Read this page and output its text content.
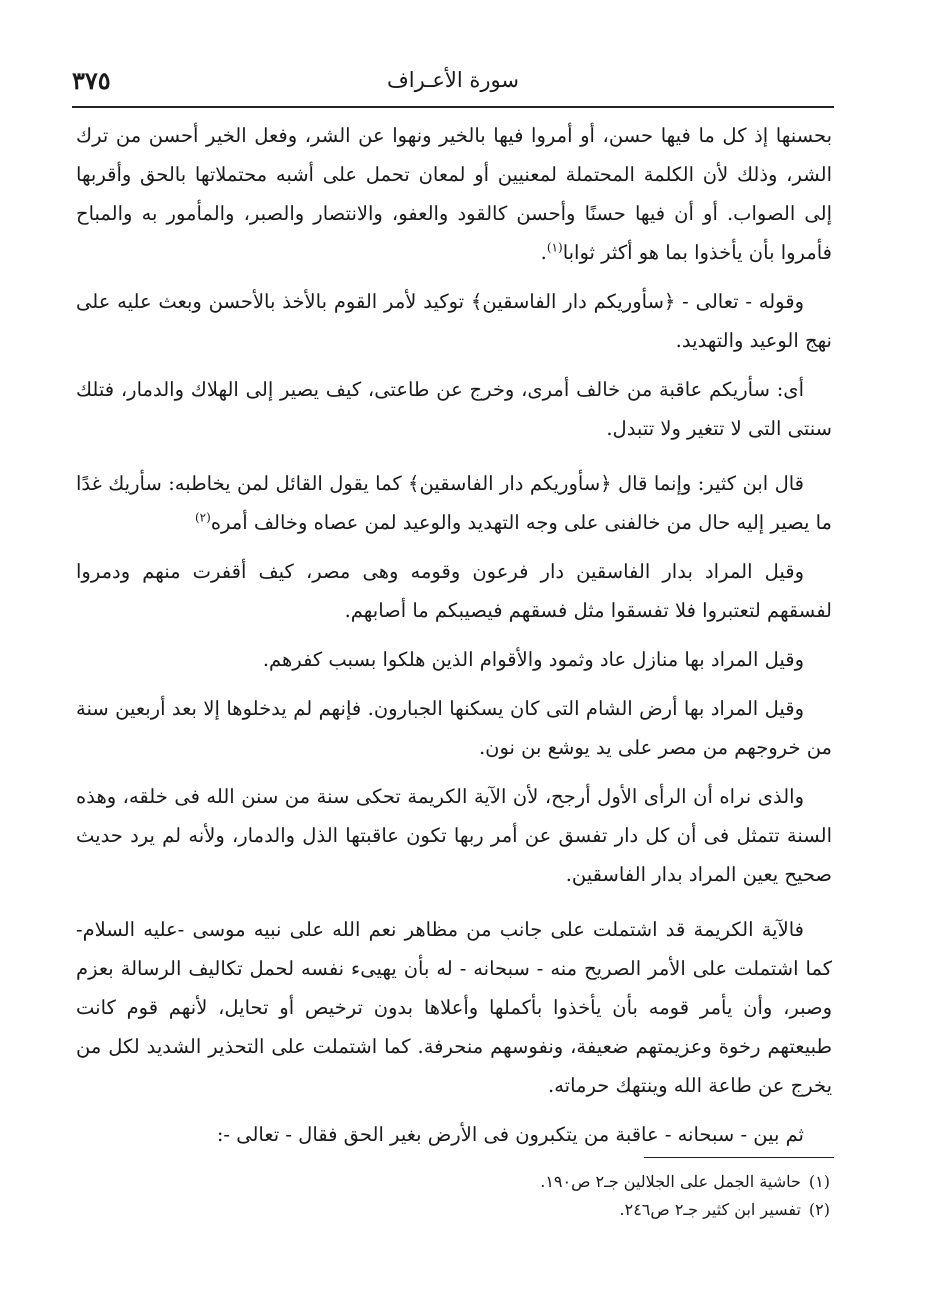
٣٧٥	سورة الأعـراف

بحسنها إذ كل ما فيها حسن، أو أمروا فيها بالخير ونهوا عن الشر، وفعل الخير أحسن من ترك الشر، وذلك لأن الكلمة المحتملة لمعنيين أو لمعان تحمل على أشبه محتملاتها بالحق وأقربها إلى الصواب. أو أن فيها حسنًا وأحسن كالقود والعفو، والانتصار والصبر، والمأمور به والمباح فأمروا بأن يأخذوا بما هو أكثر ثوابا$^{(١)}$.

وقوله - تعالى - ﴿سأوريكم دار الفاسقين﴾ توكيد لأمر القوم بالأخذ بالأحسن وبعث عليه على نهج الوعيد والتهديد.

أى: سأريكم عاقبة من خالف أمرى، وخرج عن طاعتى، كيف يصير إلى الهلاك والدمار، فتلك سنتى التى لا تتغير ولا تتبدل.

قال ابن كثير: وإنما قال ﴿سأوريكم دار الفاسقين﴾ كما يقول القائل لمن يخاطبه: سأريك غدًا ما يصير إليه حال من خالفنى على وجه التهديد والوعيد لمن عصاه وخالف أمره$^{(٢)}$

وقيل المراد بدار الفاسقين دار فرعون وقومه وهى مصر، كيف أقفرت منهم ودمروا لفسقهم لتعتبروا فلا تفسقوا مثل فسقهم فيصيبكم ما أصابهم.

وقيل المراد بها منازل عاد وثمود والأقوام الذين هلكوا بسبب كفرهم.

وقيل المراد بها أرض الشام التى كان يسكنها الجبارون. فإنهم لم يدخلوها إلا بعد أربعين سنة من خروجهم من مصر على يد يوشع بن نون.

والذى نراه أن الرأى الأول أرجح، لأن الآية الكريمة تحكى سنة من سنن الله فى خلقه، وهذه السنة تتمثل فى أن كل دار تفسق عن أمر ربها تكون عاقبتها الذل والدمار، ولأنه لم يرد حديث صحيح يعين المراد بدار الفاسقين.

فالآية الكريمة قد اشتملت على جانب من مظاهر نعم الله على نبيه موسى -عليه السلام- كما اشتملت على الأمر الصريح منه - سبحانه - له بأن يهيىء نفسه لحمل تكاليف الرسالة بعزم وصبر، وأن يأمر قومه بأن يأخذوا بأكملها وأعلاها بدون ترخيص أو تحايل، لأنهم قوم كانت طبيعتهم رخوة وعزيمتهم ضعيفة، ونفوسهم منحرفة. كما اشتملت على التحذير الشديد لكل من يخرج عن طاعة الله وينتهك حرماته.

ثم بين - سبحانه - عاقبة من يتكبرون فى الأرض بغير الحق فقال - تعالى -:

(١)حاشية الجمل على الجلالين جـ٢ ص١٩٠.

(٢)تفسير ابن كثير جـ٢ ص٢٤٦.
